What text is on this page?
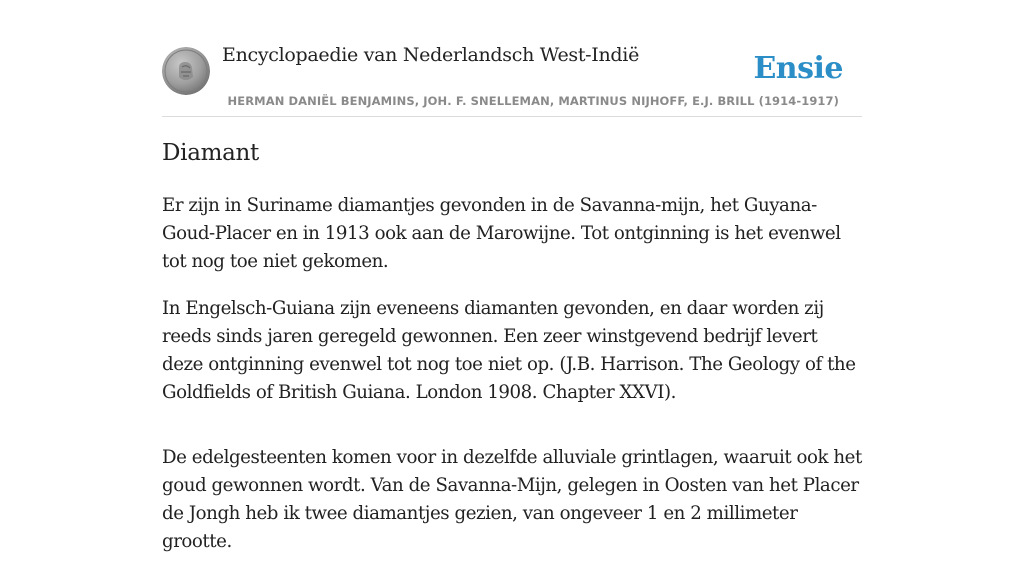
Encyclopaedie van Nederlandsch West-Indië	Ensie
HERMAN DANIËL BENJAMINS, JOH. F. SNELLEMAN, MARTINUS NIJHOFF, E.J. BRILL (1914-1917)
Diamant

Er zijn in Suriname diamantjes gevonden in de Savanna-mijn, het Guyana-Goud-Placer en in 1913 ook aan de Marowijne. Tot ontginning is het evenwel tot nog toe niet gekomen.

In Engelsch-Guiana zijn eveneens diamanten gevonden, en daar worden zij reeds sinds jaren geregeld gewonnen. Een zeer winstgevend bedrijf levert deze ontginning evenwel tot nog toe niet op. (J.B. Harrison. The Geology of the Goldfields of British Guiana. London 1908. Chapter XXVI).

De edelgesteenten komen voor in dezelfde alluviale grintlagen, waaruit ook het goud gewonnen wordt. Van de Savanna-Mijn, gelegen in Oosten van het Placer de Jongh heb ik twee diamantjes gezien, van ongeveer 1 en 2 millimeter grootte.
